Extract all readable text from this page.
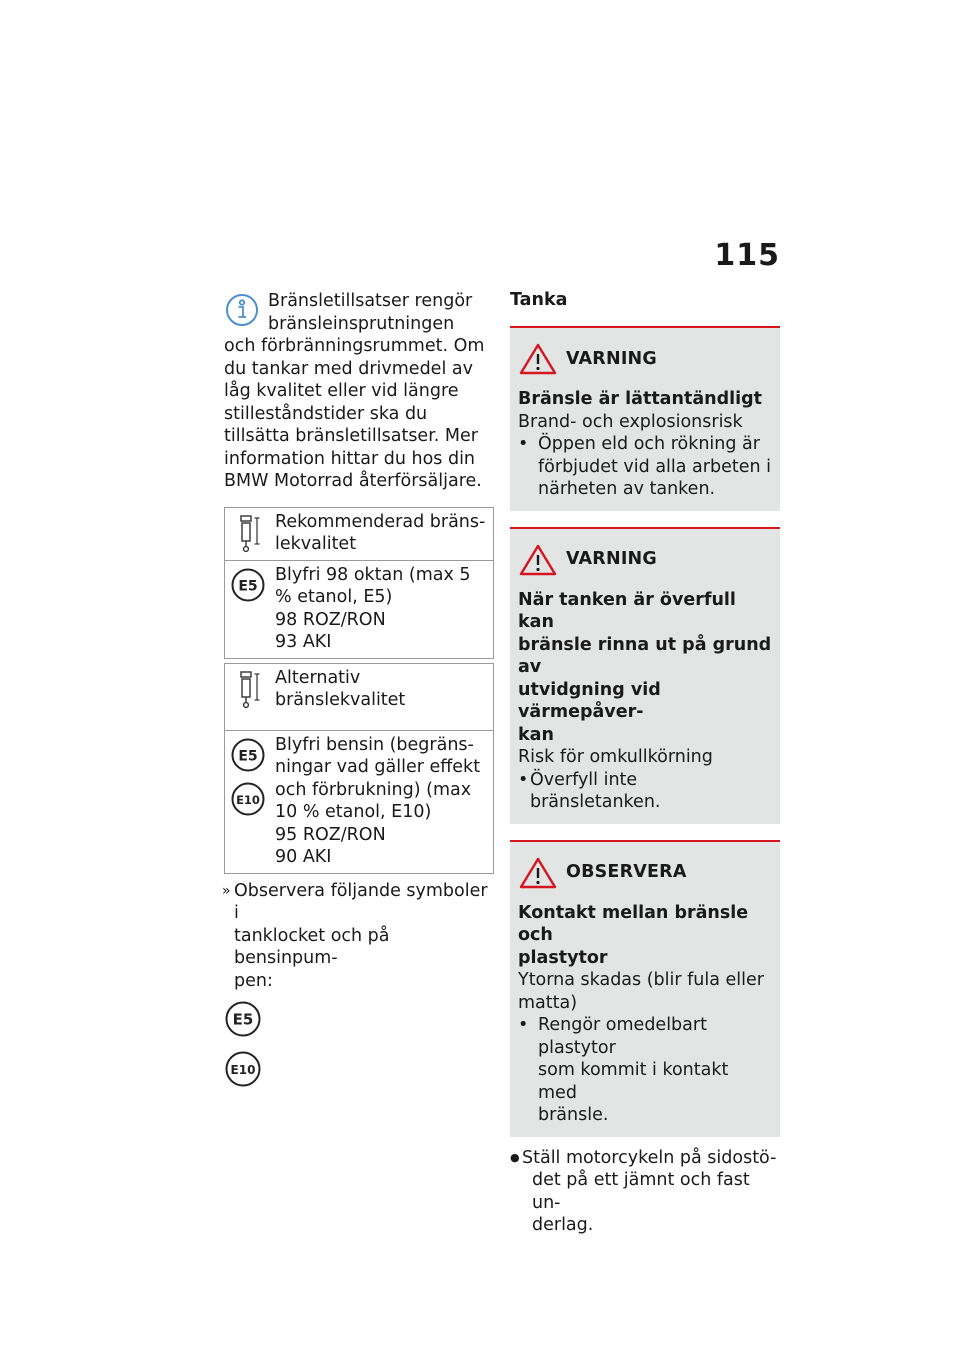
115
Bränsletillsatser rengör
bränsleinsprutningen
och förbränningsrummet. Om
du tankar med drivmedel av
låg kvalitet eller vid längre
stilleståndstider ska du
tillsätta bränsletillsatser. Mer
information hittar du hos din
BMW Motorrad återförsäljare.
Rekommenderad bräns-
lekvalitet
E5
Blyfri 98 oktan (max 5
% etanol, E5)
98 ROZ/RON
93 AKI
Alternativ bränslekvalitet
E5
E10
Blyfri bensin (begräns-
ningar vad gäller effekt
och förbrukning) (max
10 % etanol, E10)
95 ROZ/RON
90 AKI
» Observera följande symboler i
tanklocket och på bensinpum-
pen:
E5
E10
Tanka
VARNING
Bränsle är lättantändligt
Brand- och explosionsrisk
• Öppen eld och rökning är
förbjudet vid alla arbeten i
närheten av tanken.
VARNING
När tanken är överfull kan
bränsle rinna ut på grund av
utvidgning vid värmepåver-
kan
Risk för omkullkörning
• Överfyll inte bränsletanken.
OBSERVERA
Kontakt mellan bränsle och
plastytor
Ytorna skadas (blir fula eller
matta)
• Rengör omedelbart plastytor
som kommit i kontakt med
bränsle.
● Ställ motorcykeln på sidostö-
det på ett jämnt och fast un-
derlag.
